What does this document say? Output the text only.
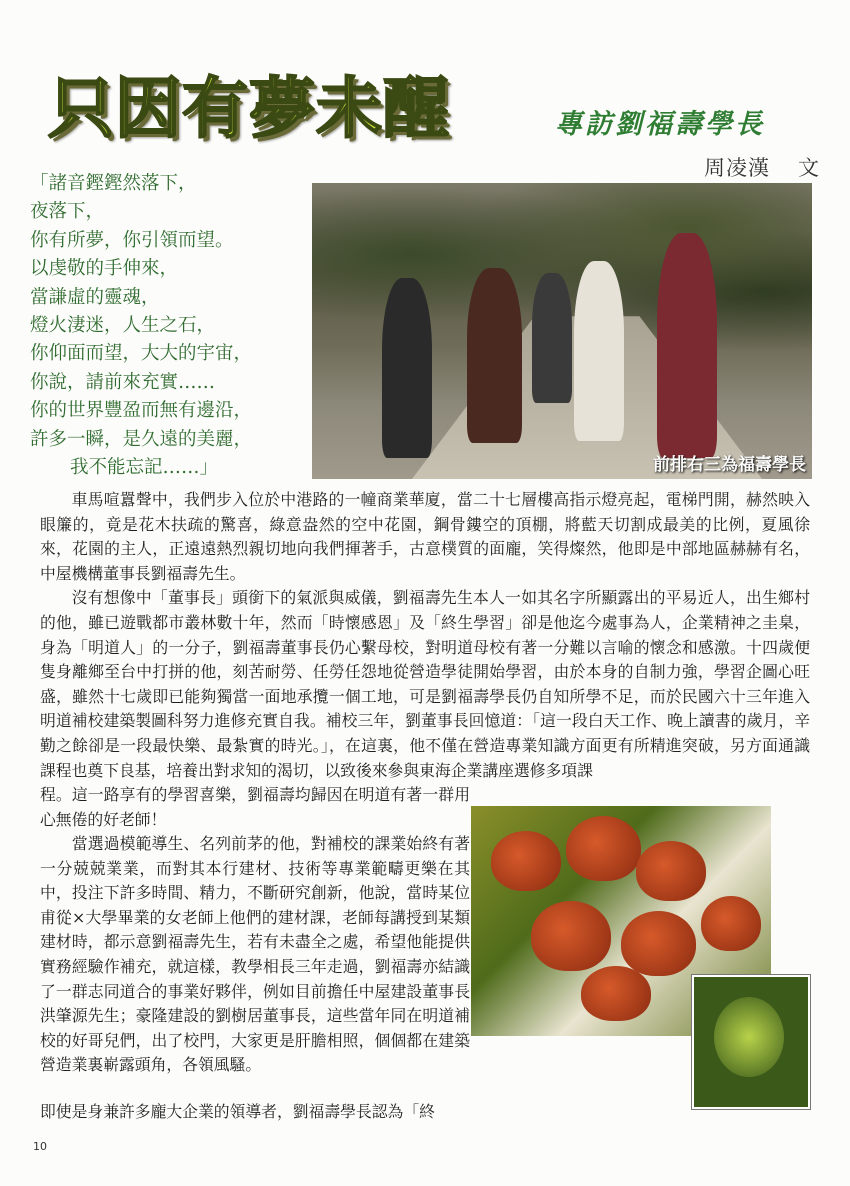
只因有夢未醒	專訪劉福壽學長
周凌漢 文
「諸音鏗鏗然落下，
夜落下，
你有所夢，你引領而望。
以虔敬的手伸來，
當謙虛的靈魂，
燈火淒迷，人生之石，
你仰面而望，大大的宇宙，
你說，請前來充實……
你的世界豐盈而無有邊沿，
許多一瞬，是久遠的美麗，
我不能忘記……」	前排右三為福壽學長

車馬喧囂聲中，我們步入位於中港路的一幢商業華廈，當二十七層樓高指示燈亮起，電梯門開，赫然映入眼簾的，竟是花木扶疏的驚喜，綠意盎然的空中花園，鋼骨鏤空的頂棚，將藍天切割成最美的比例，夏風徐來，花園的主人，正遠遠熱烈親切地向我們揮著手，古意樸質的面龐，笑得燦然，他即是中部地區赫赫有名，中屋機構董事長劉福壽先生。

沒有想像中「董事長」頭銜下的氣派與威儀，劉福壽先生本人一如其名字所顯露出的平易近人，出生鄉村的他，雖已遊戰都市叢林數十年，然而「時懷感恩」及「終生學習」卻是他迄今處事為人，企業精神之圭臬，身為「明道人」的一分子，劉福壽董事長仍心繫母校，對明道母校有著一分難以言喻的懷念和感激。十四歲便隻身離鄉至台中打拼的他，刻苦耐勞、任勞任怨地從營造學徒開始學習，由於本身的自制力強，學習企圖心旺盛，雖然十七歲即已能夠獨當一面地承攬一個工地，可是劉福壽學長仍自知所學不足，而於民國六十三年進入明道補校建築製圖科努力進修充實自我。補校三年，劉董事長回憶道：「這一段白天工作、晚上讀書的歲月，辛勤之餘卻是一段最快樂、最紮實的時光。」，在這裏，他不僅在營造專業知識方面更有所精進突破，另方面通識課程也奠下良基，培養出對求知的渴切，以致後來參與東海企業講座選修多項課

程。這一路享有的學習喜樂，劉福壽均歸因在明道有著一群用心無倦的好老師！
　　當選過模範導生、名列前茅的他，對補校的課業始終有著一分兢兢業業，而對其本行建材、技術等專業範疇更樂在其中，投注下許多時間、精力，不斷研究創新，他說，當時某位甫從×大學畢業的女老師上他們的建材課，老師每講授到某類建材時，都示意劉福壽先生，若有未盡全之處，希望他能提供實務經驗作補充，就這樣，教學相長三年走過，劉福壽亦結識了一群志同道合的事業好夥伴，例如目前擔任中屋建設董事長洪肇源先生；豪隆建設的劉樹居董事長，這些當年同在明道補校的好哥兒們，出了校門，大家更是肝膽相照，個個都在建築營造業裏嶄露頭角，各領風騷。
即使是身兼許多龐大企業的領導者，劉福壽學長認為「終
10
